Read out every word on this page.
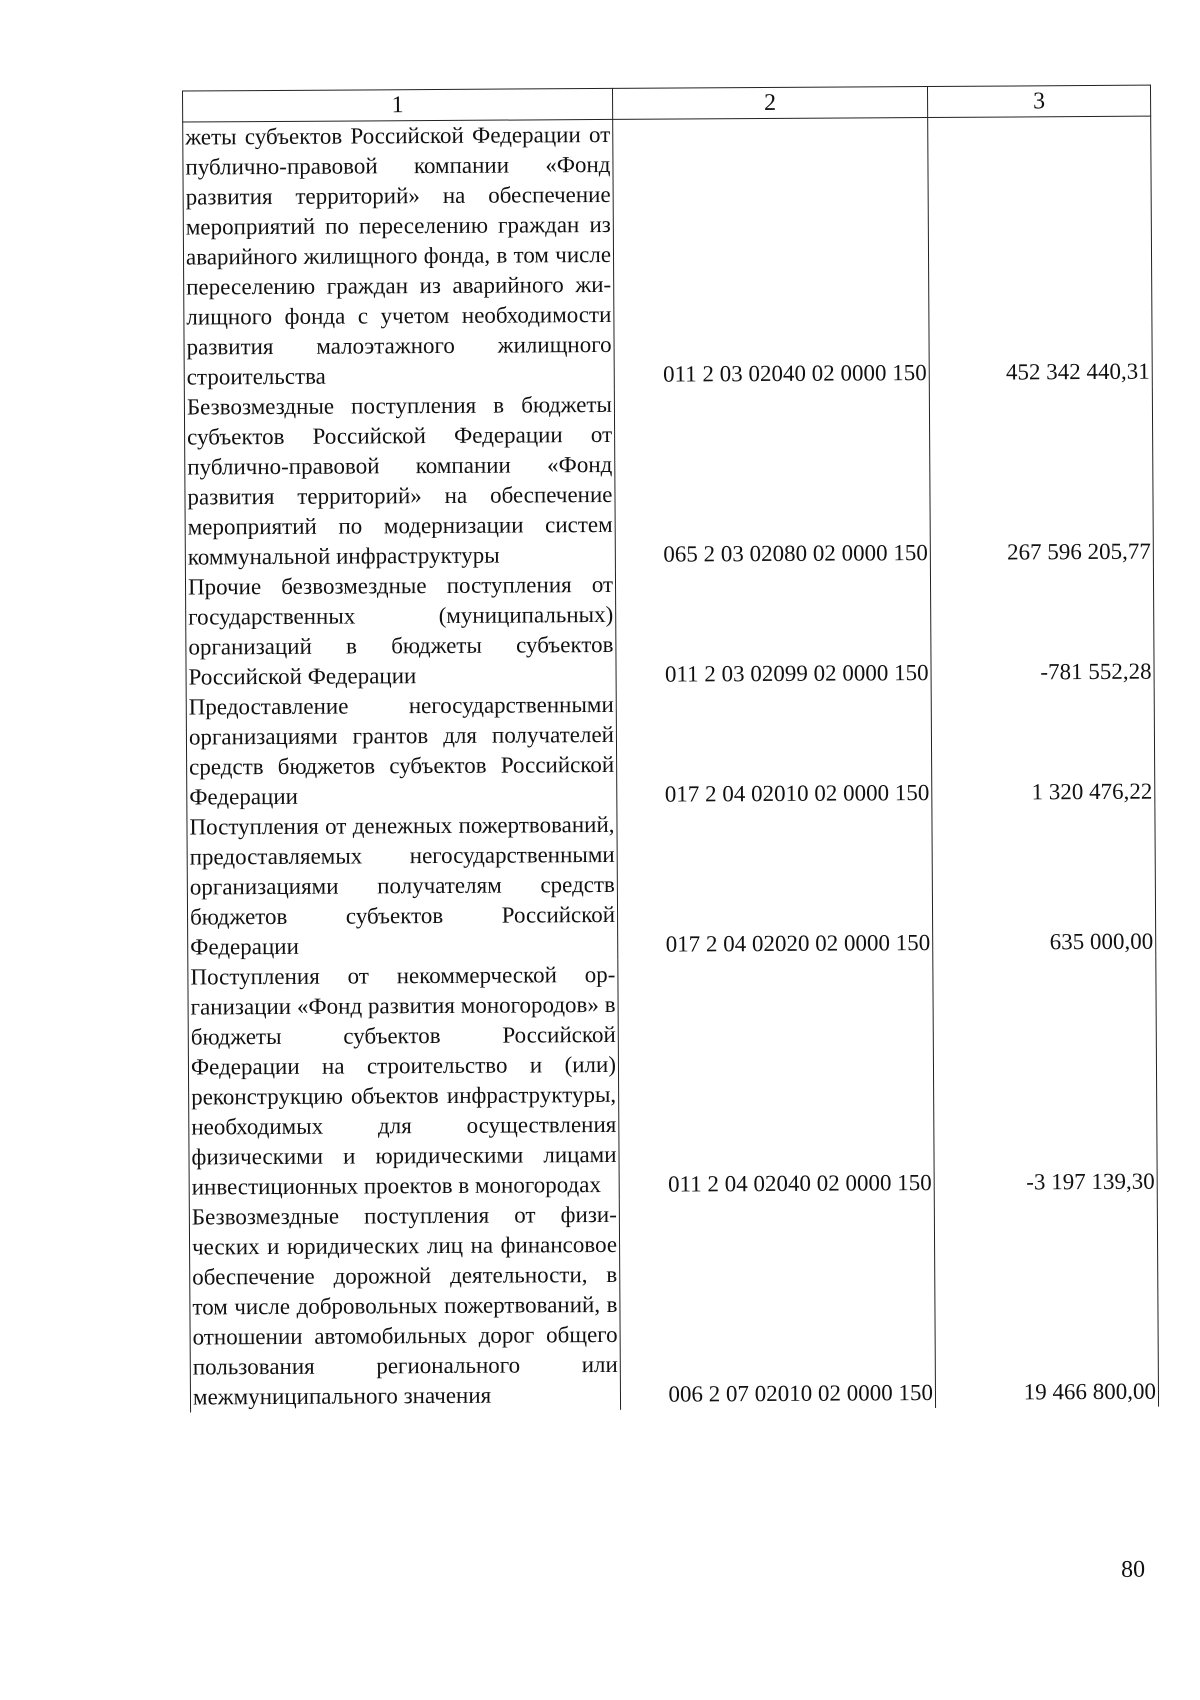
1	2	3
жеты субъектов Российской Федерации от публично-правовой компании «Фонд развития территорий» на обеспечение мероприятий по переселению граждан из аварийного жилищного фонда, в том числе переселению граждан из аварийного жилищного фонда с учетом необходимости развития малоэтажного жилищного строительства	011 2 03 02040 02 0000 150	452 342 440,31
Безвозмездные поступления в бюджеты субъектов Российской Федерации от публично-правовой компании «Фонд развития территорий» на обеспечение мероприятий по модернизации систем коммунальной инфраструктуры	065 2 03 02080 02 0000 150	267 596 205,77
Прочие безвозмездные поступления от государственных (муниципальных) организаций в бюджеты субъектов Российской Федерации	011 2 03 02099 02 0000 150	-781 552,28
Предоставление негосударственными организациями грантов для получателей средств бюджетов субъектов Российской Федерации	017 2 04 02010 02 0000 150	1 320 476,22
Поступления от денежных пожертвований, предоставляемых негосударственными организациями получателям средств бюджетов субъектов Российской Федерации	017 2 04 02020 02 0000 150	635 000,00
Поступления от некоммерческой организации «Фонд развития моногородов» в бюджеты субъектов Российской Федерации на строительство и (или) реконструкцию объектов инфраструктуры, необходимых для осуществления физическими и юридическими лицами инвестиционных проектов в моногородах	011 2 04 02040 02 0000 150	-3 197 139,30
Безвозмездные поступления от физических и юридических лиц на финансовое обеспечение дорожной деятельности, в том числе добровольных пожертвований, в отношении автомобильных дорог общего пользования регионального или межмуниципального значения	006 2 07 02010 02 0000 150	19 466 800,00
80
